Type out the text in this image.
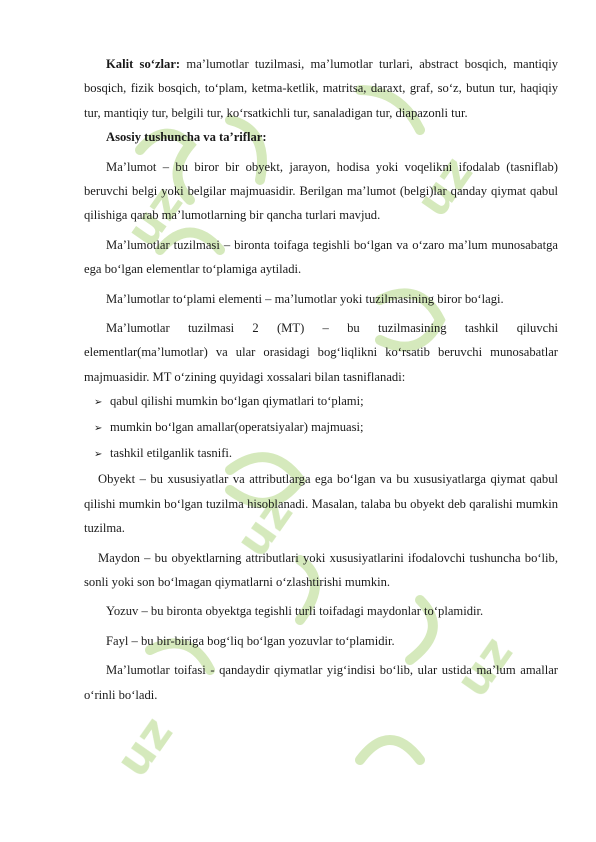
uz	uz
uz
uz
uz

Kalit so‘zlar: ma’lumotlar tuzilmasi, ma’lumotlar turlari, abstract bosqich, mantiqiy bosqich, fizik bosqich, to‘plam, ketma-ketlik, matritsa, daraxt, graf, so‘z, butun tur, haqiqiy tur, mantiqiy tur, belgili tur, ko‘rsatkichli tur, sanaladigan tur, diapazonli tur.

Asosiy tushuncha va ta’riflar:

Ma’lumot – bu biror bir obyekt, jarayon, hodisa yoki voqelikni ifodalab (tasniflab) beruvchi belgi yoki belgilar majmuasidir. Berilgan ma’lumot (belgi)lar qanday qiymat qabul qilishiga qarab ma’lumotlarning bir qancha turlari mavjud.

Ma’lumotlar tuzilmasi – bironta toifaga tegishli bo‘lgan va o‘zaro ma’lum munosabatga ega bo‘lgan elementlar to‘plamiga aytiladi.

Ma’lumotlar to‘plami elementi – ma’lumotlar yoki tuzilmasining biror bo‘lagi.

Ma’lumotlar tuzilmasi 2 (MT) – bu tuzilmasining tashkil qiluvchi elementlar(ma’lumotlar) va ular orasidagi bog‘liqlikni ko‘rsatib beruvchi munosabatlar majmuasidir. MT o‘zining quyidagi xossalari bilan tasniflanadi:

➢ qabul qilishi mumkin bo‘lgan qiymatlari to‘plami;
➢ mumkin bo‘lgan amallar(operatsiyalar) majmuasi;
➢ tashkil etilganlik tasnifi.

Obyekt – bu xususiyatlar va attributlarga ega bo‘lgan va bu xususiyatlarga qiymat qabul qilishi mumkin bo‘lgan tuzilma hisoblanadi. Masalan, talaba bu obyekt deb qaralishi mumkin tuzilma.

Maydon – bu obyektlarning attributlari yoki xususiyatlarini ifodalovchi tushuncha bo‘lib, sonli yoki son bo‘lmagan qiymatlarni o‘zlashtirishi mumkin.

Yozuv – bu bironta obyektga tegishli turli toifadagi maydonlar to‘plamidir.

Fayl – bu bir-biriga bog‘liq bo‘lgan yozuvlar to‘plamidir.

Ma’lumotlar toifasi - qandaydir qiymatlar yig‘indisi bo‘lib, ular ustida ma’lum amallar o‘rinli bo‘ladi.
